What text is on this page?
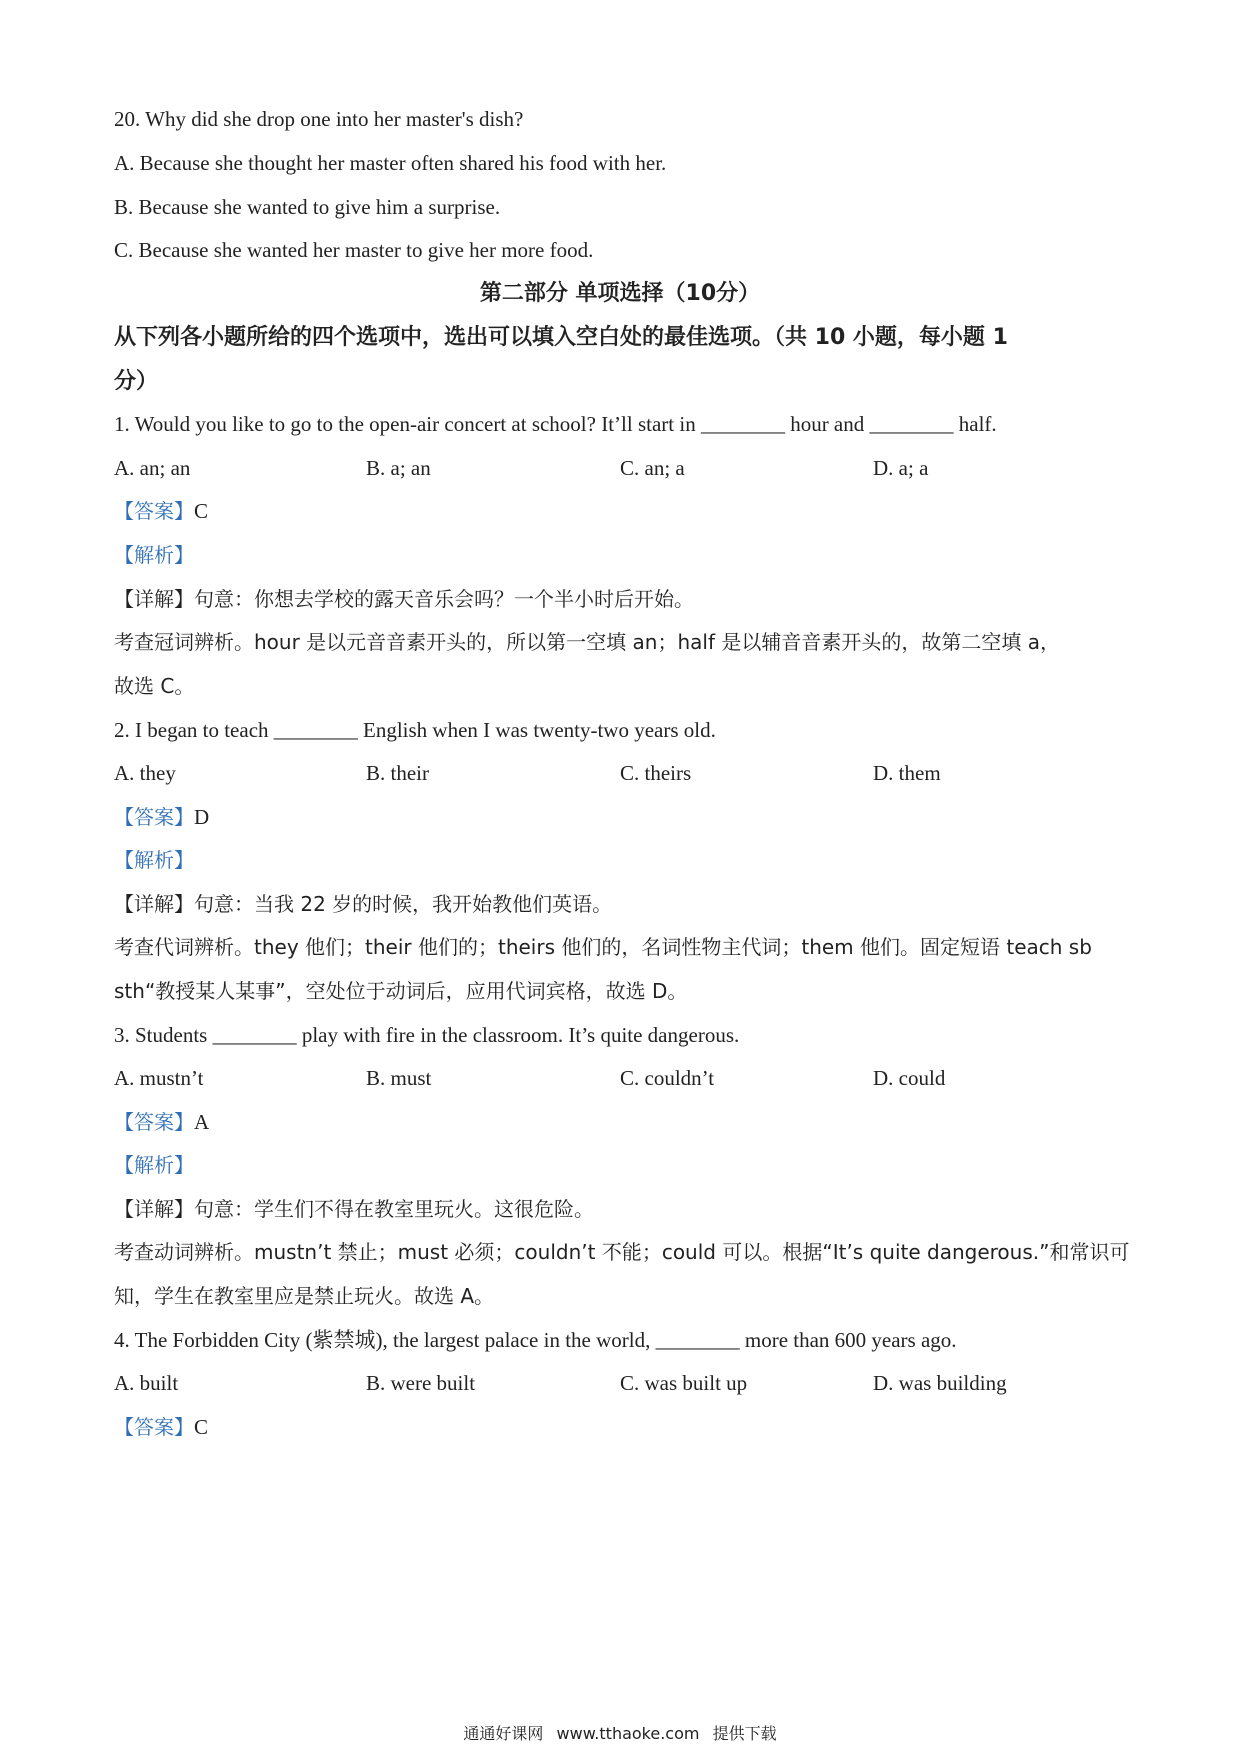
20. Why did she drop one into her master's dish?
A. Because she thought her master often shared his food with her.
B. Because she wanted to give him a surprise.
C. Because she wanted her master to give her more food.
第二部分 单项选择（10分）
从下列各小题所给的四个选项中，选出可以填入空白处的最佳选项。（共 10 小题，每小题 1
分）
1. Would you like to go to the open-air concert at school? It’ll start in ________ hour and ________ half.
A. an; an	B. a; an	C. an; a	D. a; a
【答案】C
【解析】
【详解】句意：你想去学校的露天音乐会吗？一个半小时后开始。
考查冠词辨析。hour 是以元音音素开头的，所以第一空填 an；half 是以辅音音素开头的，故第二空填 a，
故选 C。
2. I began to teach ________ English when I was twenty-two years old.
A. they	B. their	C. theirs	D. them
【答案】D
【解析】
【详解】句意：当我 22 岁的时候，我开始教他们英语。
考查代词辨析。they 他们；their 他们的；theirs 他们的，名词性物主代词；them 他们。固定短语 teach sb
sth“教授某人某事”，空处位于动词后，应用代词宾格，故选 D。
3. Students ________ play with fire in the classroom. It’s quite dangerous.
A. mustn’t	B. must	C. couldn’t	D. could
【答案】A
【解析】
【详解】句意：学生们不得在教室里玩火。这很危险。
考查动词辨析。mustn’t 禁止；must 必须；couldn’t 不能；could 可以。根据“It’s quite dangerous.”和常识可
知，学生在教室里应是禁止玩火。故选 A。
4. The Forbidden City (紫禁城), the largest palace in the world, ________ more than 600 years ago.
A. built	B. were built	C. was built up	D. was building
【答案】C
通通好课网 www.tthaoke.com 提供下载
